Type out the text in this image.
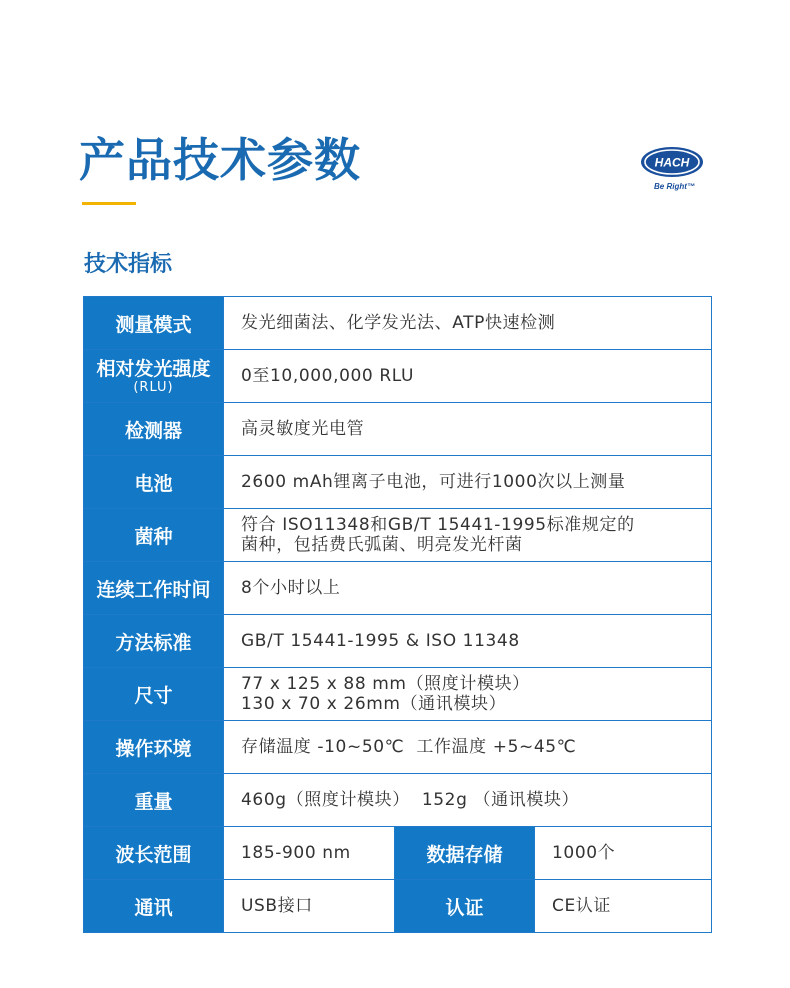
产品技术参数	HACH
Be Right™
技术指标
测量模式	发光细菌法、化学发光法、ATP快速检测		

相对发光强度
(RLU)	0至10,000,000 RLU		
检测器	高灵敏度光电管		
电池	2600 mAh锂离子电池，可进行1000次以上测量		
菌种	符合 ISO11348和GB/T 15441-1995标准规定的
菌种，包括费氏弧菌、明亮发光杆菌		

连续工作时间	8个小时以上		
方法标准	GB/T 15441-1995 & ISO 11348		
尺寸	77 x 125 x 88 mm（照度计模块）
130 x 70 x 26mm（通讯模块）		

操作环境	存储温度 -10~50℃  工作温度 +5~45℃		
重量	460g（照度计模块）  152g （通讯模块）		
波长范围	185-900 nm	数据存储	1000个
通讯	USB接口	认证	CE认证
